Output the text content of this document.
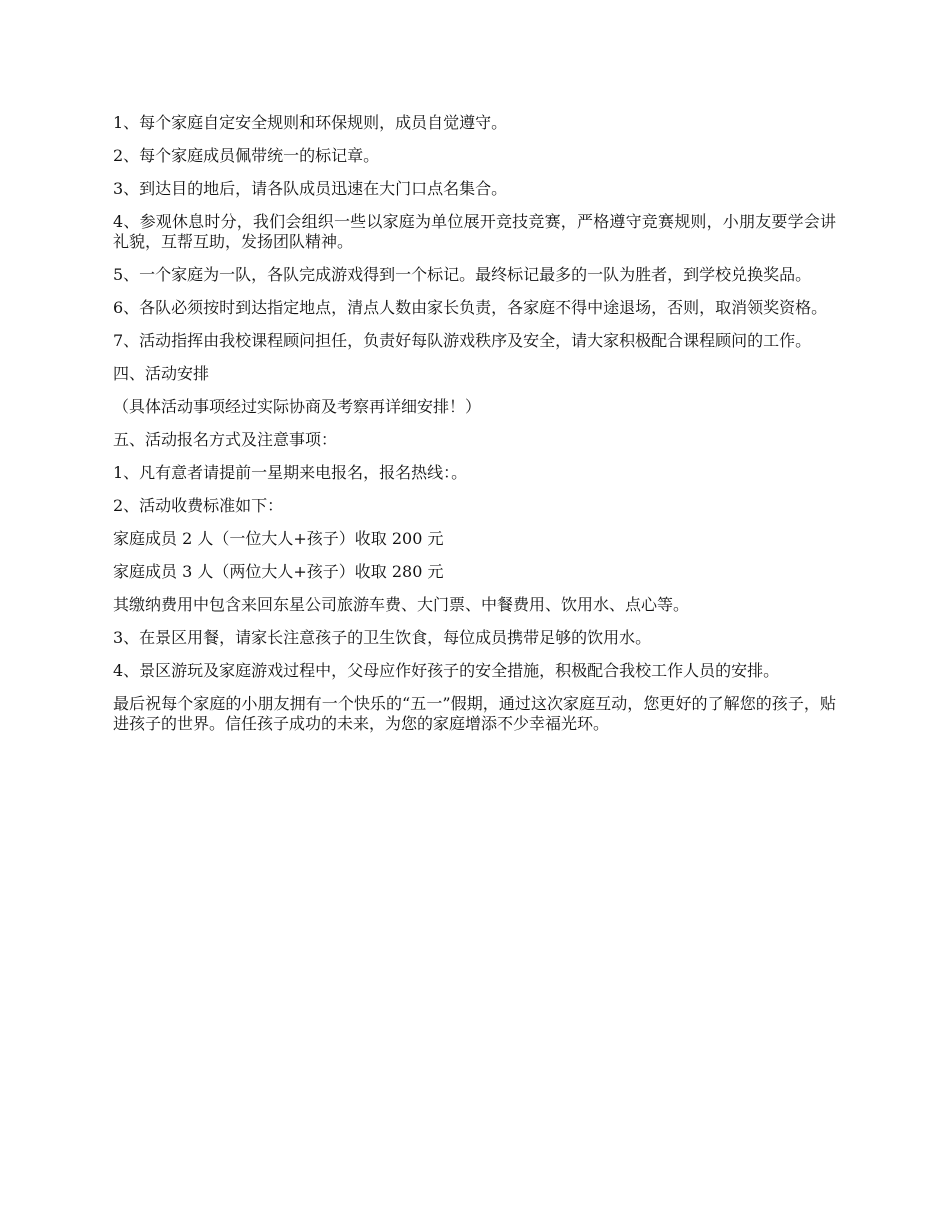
1、每个家庭自定安全规则和环保规则，成员自觉遵守。

2、每个家庭成员佩带统一的标记章。

3、到达目的地后，请各队成员迅速在大门口点名集合。

4、参观休息时分，我们会组织一些以家庭为单位展开竞技竞赛，严格遵守竞赛规则，小朋友要学会讲礼貌，互帮互助，发扬团队精神。

5、一个家庭为一队，各队完成游戏得到一个标记。最终标记最多的一队为胜者，到学校兑换奖品。

6、各队必须按时到达指定地点，清点人数由家长负责，各家庭不得中途退场，否则，取消领奖资格。

7、活动指挥由我校课程顾问担任，负责好每队游戏秩序及安全，请大家积极配合课程顾问的工作。

四、活动安排

（具体活动事项经过实际协商及考察再详细安排！）

五、活动报名方式及注意事项：

1、凡有意者请提前一星期来电报名，报名热线：。

2、活动收费标准如下：

家庭成员 2 人（一位大人+孩子）收取 200 元

家庭成员 3 人（两位大人+孩子）收取 280 元

其缴纳费用中包含来回东星公司旅游车费、大门票、中餐费用、饮用水、点心等。

3、在景区用餐，请家长注意孩子的卫生饮食，每位成员携带足够的饮用水。

4、景区游玩及家庭游戏过程中，父母应作好孩子的安全措施，积极配合我校工作人员的安排。

最后祝每个家庭的小朋友拥有一个快乐的“五一”假期，通过这次家庭互动，您更好的了解您的孩子，贴进孩子的世界。信任孩子成功的未来，为您的家庭增添不少幸福光环。
